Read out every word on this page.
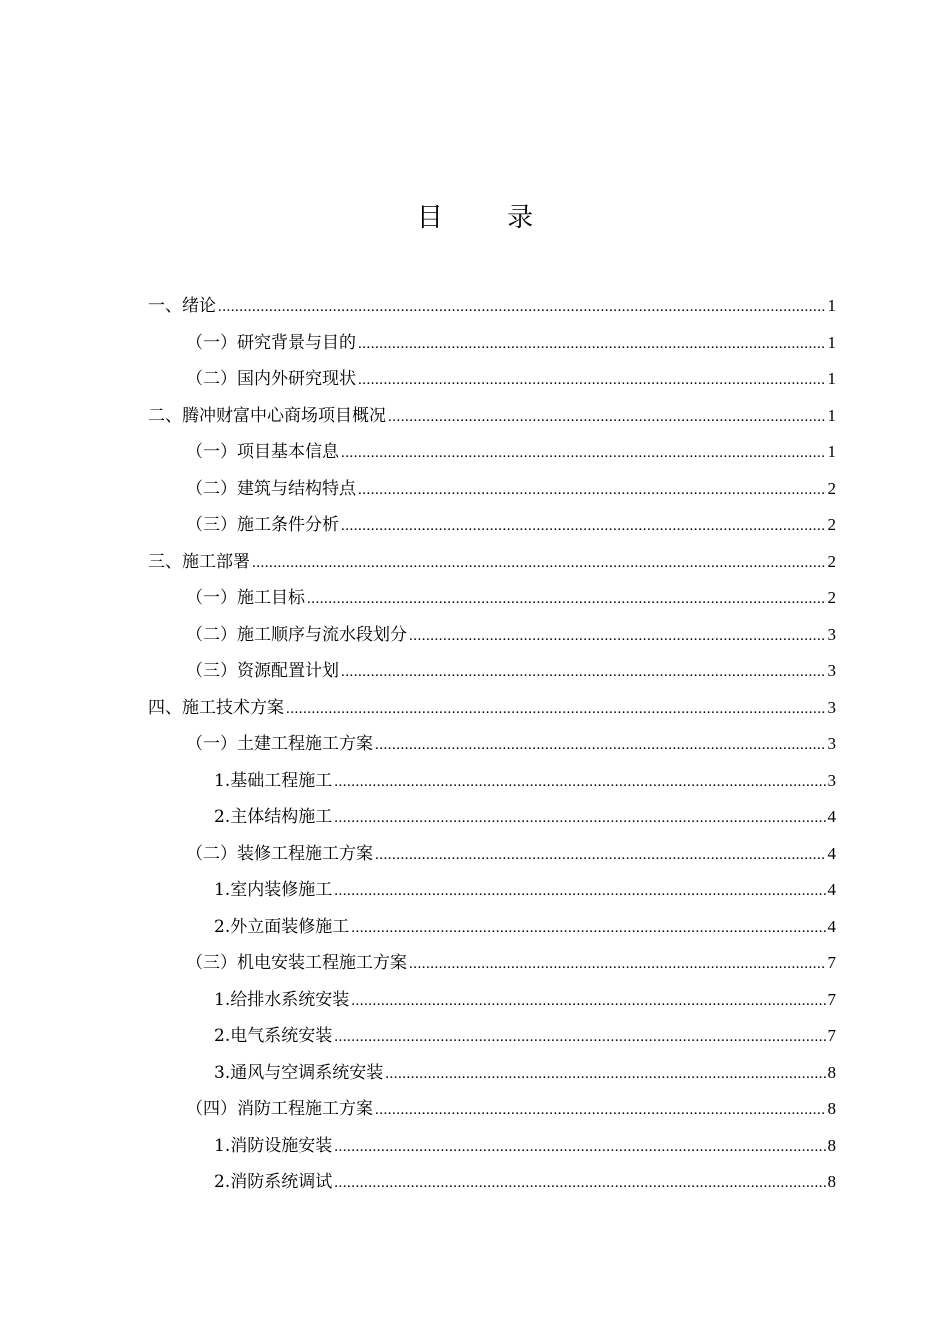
目 录
一、绪论 .....	1
（一）研究背景与目的 .....	1
（二）国内外研究现状 .....	1
二、腾冲财富中心商场项目概况 .....	1
（一）项目基本信息 .....	1
（二）建筑与结构特点 .....	2
（三）施工条件分析 .....	2
三、施工部署 .....	2
（一）施工目标 .....	2
（二）施工顺序与流水段划分 .....	3
（三）资源配置计划 .....	3
四、施工技术方案 .....	3
（一）土建工程施工方案 .....	3
1.基础工程施工 .....	3
2.主体结构施工 .....	4
（二）装修工程施工方案 .....	4
1.室内装修施工 .....	4
2.外立面装修施工 .....	4
（三）机电安装工程施工方案 .....	7
1.给排水系统安装 .....	7
2.电气系统安装 .....	7
3.通风与空调系统安装 .....	8
（四）消防工程施工方案 .....	8
1.消防设施安装 .....	8
2.消防系统调试 .....	8
